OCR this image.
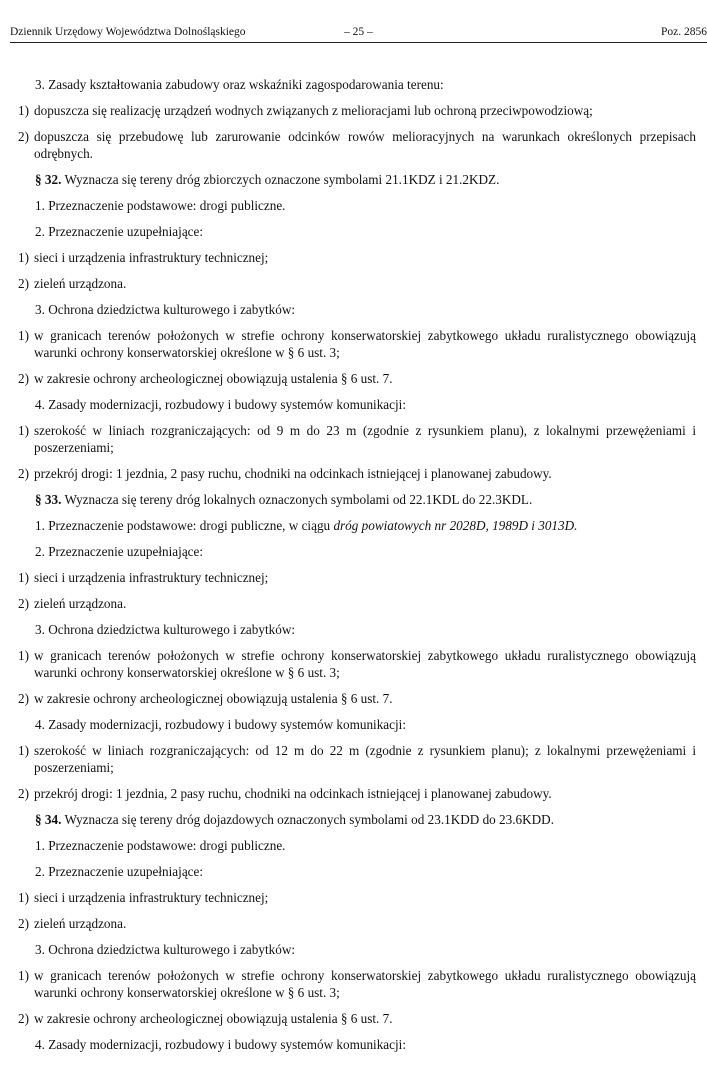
Dziennik Urzędowy Województwa Dolnośląskiego	– 25 –	Poz. 2856

3. Zasady kształtowania zabudowy oraz wskaźniki zagospodarowania terenu:

1) dopuszcza się realizację urządzeń wodnych związanych z melioracjami lub ochroną przeciwpowodziową;
2) dopuszcza się przebudowę lub zarurowanie odcinków rowów melioracyjnych na warunkach określonych przepisach odrębnych.

§ 32. Wyznacza się tereny dróg zbiorczych oznaczone symbolami 21.1KDZ i 21.2KDZ.

1. Przeznaczenie podstawowe: drogi publiczne.

2. Przeznaczenie uzupełniające:

1) sieci i urządzenia infrastruktury technicznej;
2) zieleń urządzona.

3. Ochrona dziedzictwa kulturowego i zabytków:

1) w granicach terenów położonych w strefie ochrony konserwatorskiej zabytkowego układu ruralistycznego obowiązują warunki ochrony konserwatorskiej określone w § 6 ust. 3;
2) w zakresie ochrony archeologicznej obowiązują ustalenia § 6 ust. 7.

4. Zasady modernizacji, rozbudowy i budowy systemów komunikacji:

1) szerokość w liniach rozgraniczających: od 9 m do 23 m (zgodnie z rysunkiem planu), z lokalnymi przewężeniami i poszerzeniami;
2) przekrój drogi: 1 jezdnia, 2 pasy ruchu, chodniki na odcinkach istniejącej i planowanej zabudowy.

§ 33. Wyznacza się tereny dróg lokalnych oznaczonych symbolami od 22.1KDL do 22.3KDL.

1. Przeznaczenie podstawowe: drogi publiczne, w ciągu dróg powiatowych nr 2028D, 1989D i 3013D.

2. Przeznaczenie uzupełniające:

1) sieci i urządzenia infrastruktury technicznej;
2) zieleń urządzona.

3. Ochrona dziedzictwa kulturowego i zabytków:

1) w granicach terenów położonych w strefie ochrony konserwatorskiej zabytkowego układu ruralistycznego obowiązują warunki ochrony konserwatorskiej określone w § 6 ust. 3;
2) w zakresie ochrony archeologicznej obowiązują ustalenia § 6 ust. 7.

4. Zasady modernizacji, rozbudowy i budowy systemów komunikacji:

1) szerokość w liniach rozgraniczających: od 12 m do 22 m (zgodnie z rysunkiem planu); z lokalnymi przewężeniami i poszerzeniami;
2) przekrój drogi: 1 jezdnia, 2 pasy ruchu, chodniki na odcinkach istniejącej i planowanej zabudowy.

§ 34. Wyznacza się tereny dróg dojazdowych oznaczonych symbolami od 23.1KDD do 23.6KDD.

1. Przeznaczenie podstawowe: drogi publiczne.

2. Przeznaczenie uzupełniające:

1) sieci i urządzenia infrastruktury technicznej;
2) zieleń urządzona.

3. Ochrona dziedzictwa kulturowego i zabytków:

1) w granicach terenów położonych w strefie ochrony konserwatorskiej zabytkowego układu ruralistycznego obowiązują warunki ochrony konserwatorskiej określone w § 6 ust. 3;
2) w zakresie ochrony archeologicznej obowiązują ustalenia § 6 ust. 7.

4. Zasady modernizacji, rozbudowy i budowy systemów komunikacji:
